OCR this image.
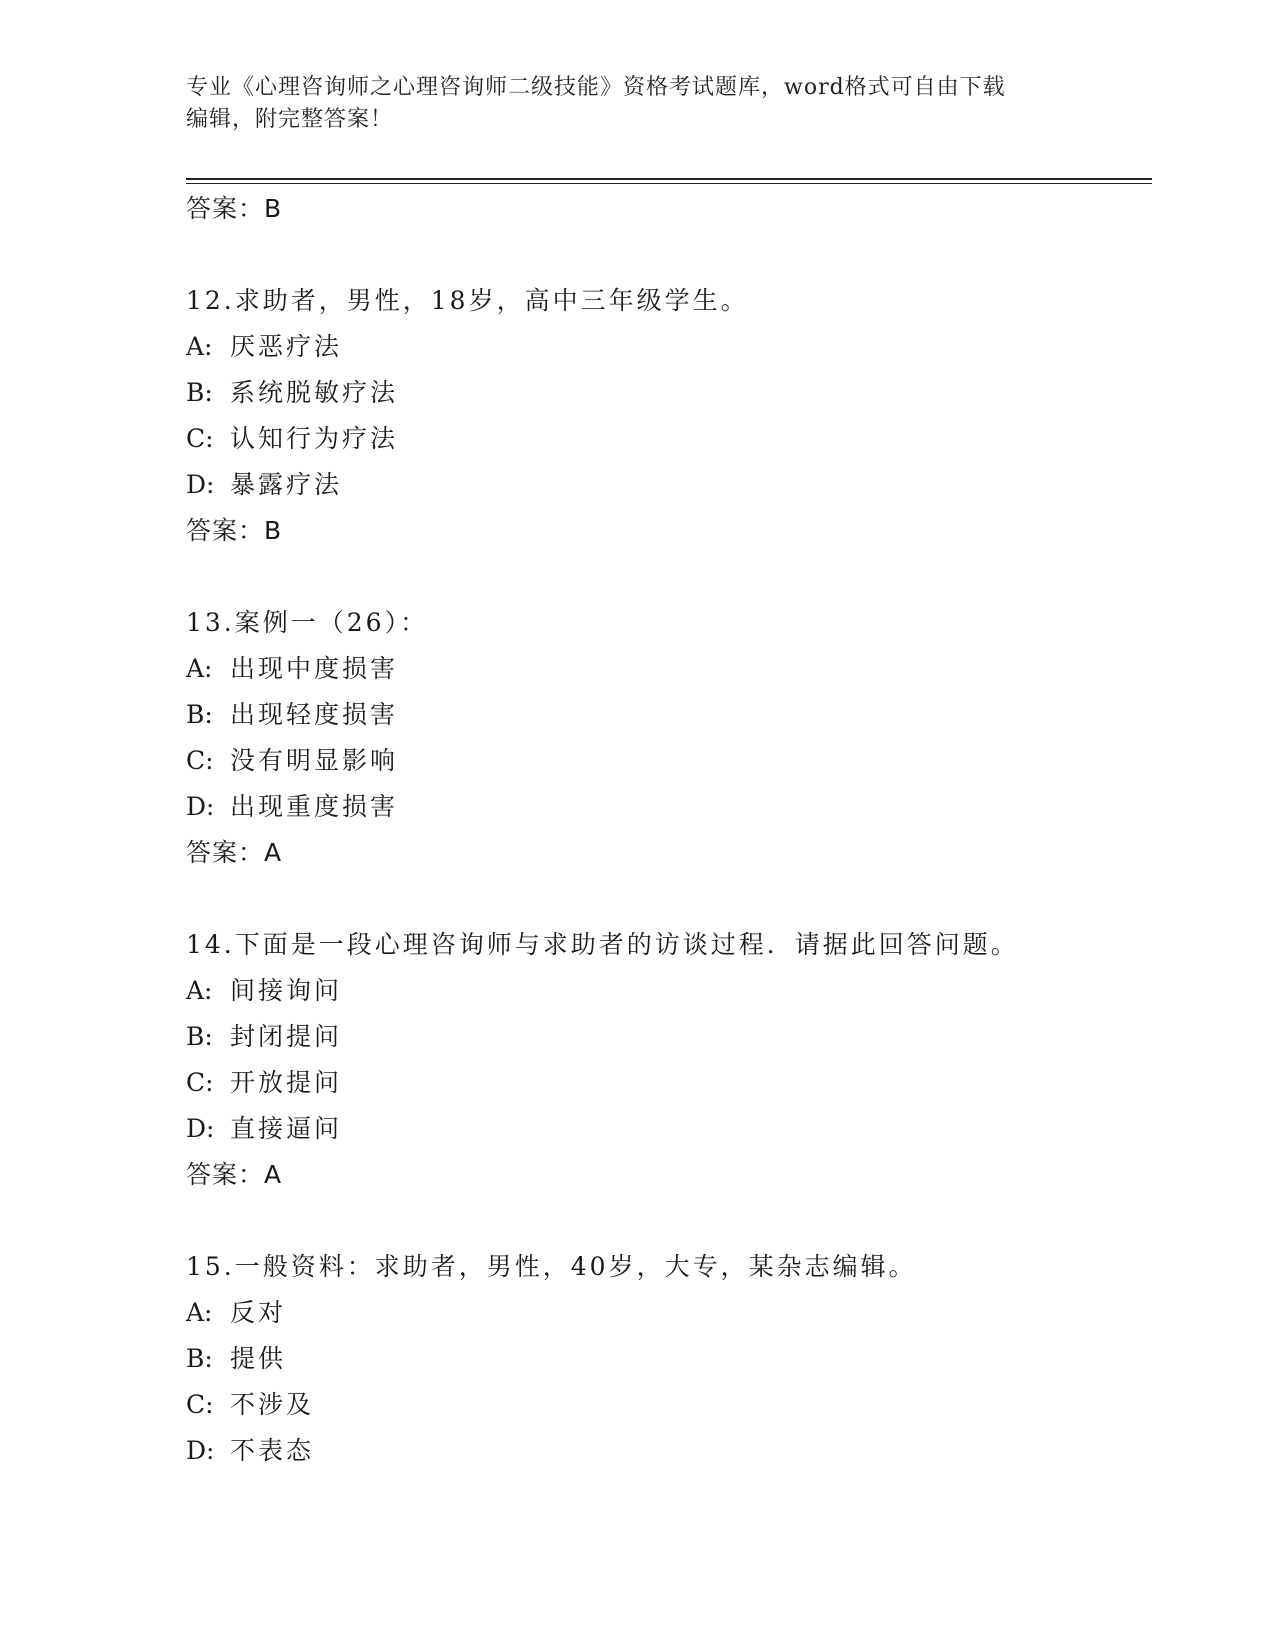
专业《心理咨询师之心理咨询师二级技能》资格考试题库，word格式可自由下载
编辑，附完整答案！
答案：B
12.求助者，男性，18岁，高中三年级学生。
A: 厌恶疗法
B: 系统脱敏疗法
C: 认知行为疗法
D: 暴露疗法
答案：B
13.案例一（26）：
A: 出现中度损害
B: 出现轻度损害
C: 没有明显影响
D: 出现重度损害
答案：A
14.下面是一段心理咨询师与求助者的访谈过程．请据此回答问题。
A: 间接询问
B: 封闭提问
C: 开放提问
D: 直接逼问
答案：A
15.一般资料：求助者，男性，40岁，大专，某杂志编辑。
A: 反对
B: 提供
C: 不涉及
D: 不表态
